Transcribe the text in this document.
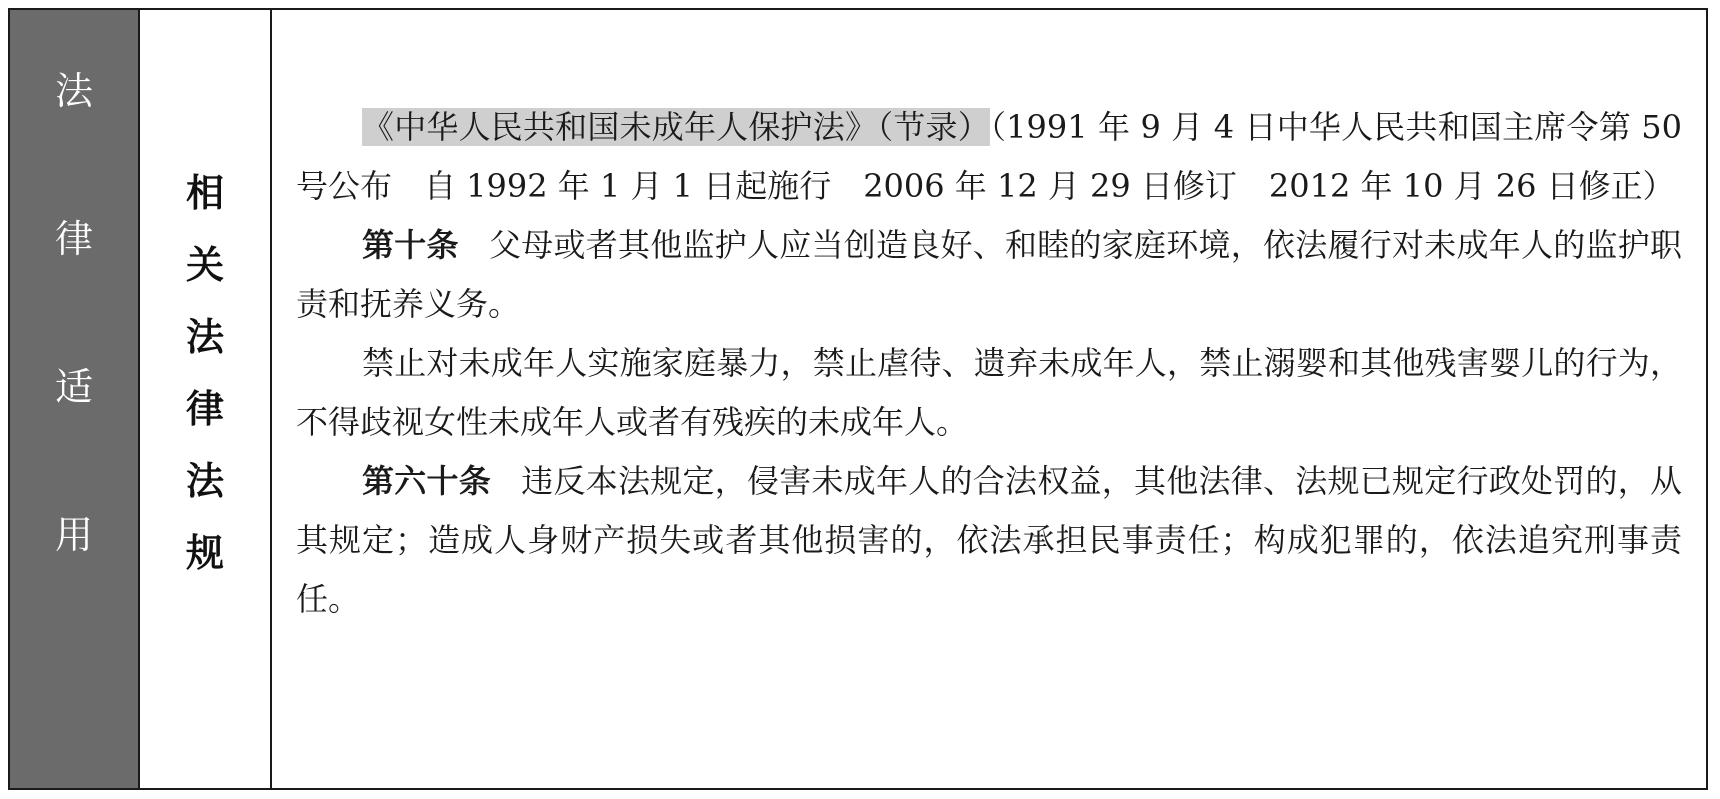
法
律
适
用
相
关
法
律
法
规

《中华人民共和国未成年人保护法》（节录）（1991 年 9 月 4 日中华人民共和国主席令第 50 号公布　自 1992 年 1 月 1 日起施行　2006 年 12 月 29 日修订　2012 年 10 月 26 日修正）

第十条 父母或者其他监护人应当创造良好、和睦的家庭环境，依法履行对未成年人的监护职责和抚养义务。

禁止对未成年人实施家庭暴力，禁止虐待、遗弃未成年人，禁止溺婴和其他残害婴儿的行为，不得歧视女性未成年人或者有残疾的未成年人。

第六十条 违反本法规定，侵害未成年人的合法权益，其他法律、法规已规定行政处罚的，从其规定；造成人身财产损失或者其他损害的，依法承担民事责任；构成犯罪的，依法追究刑事责任。
